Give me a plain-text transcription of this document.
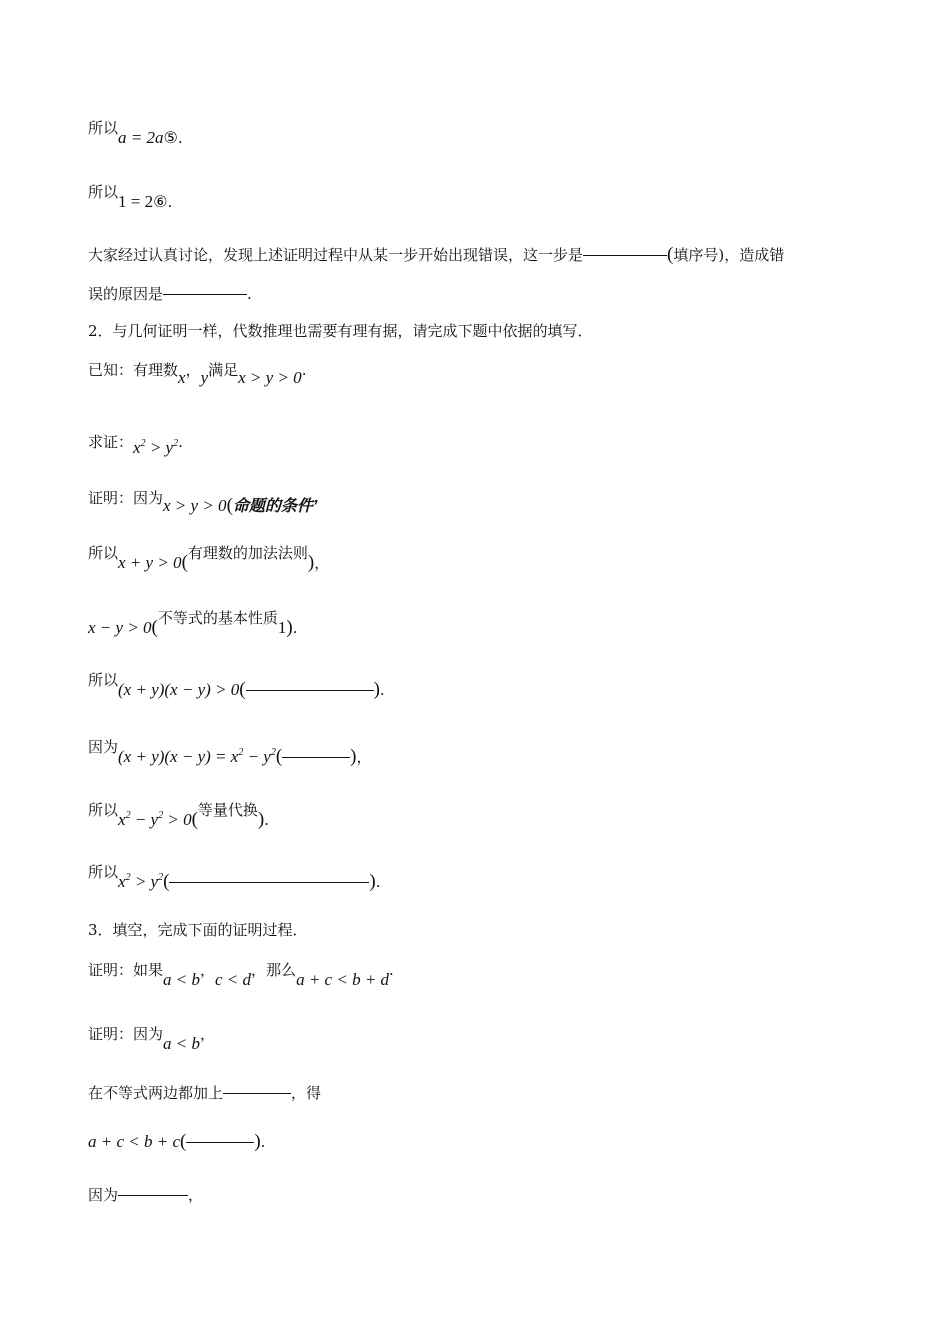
所以a = 2a⑤.
所以1 = 2⑥.
大家经过认真讨论，发现上述证明过程中从某一步开始出现错误，这一步是	(填序号)，造成错
误的原因是	.
2．与几何证明一样，代数推理也需要有理有据，请完成下题中依据的填写．
已知：有理数x，y满足x > y > 0.
求证：$x^2 > y^2$.
证明：因为x > y > 0(命题的条件’
所以x + y > 0(有理数的加法法则)，
x − y > 0(不等式的基本性质1).
所以(x + y)(x − y) > 0(	).
因为$(x + y)(x - y) = x^2 - y^2$(	)，
所以$x^2 - y^2 > 0$(等量代换).
所以$x^2 > y^2$(	).
3．填空，完成下面的证明过程．
证明：如果a < b，c < d，那么a + c < b + d.
证明：因为a < b，
在不等式两边都加上	，得
a + c < b + c(	).
因为	，
